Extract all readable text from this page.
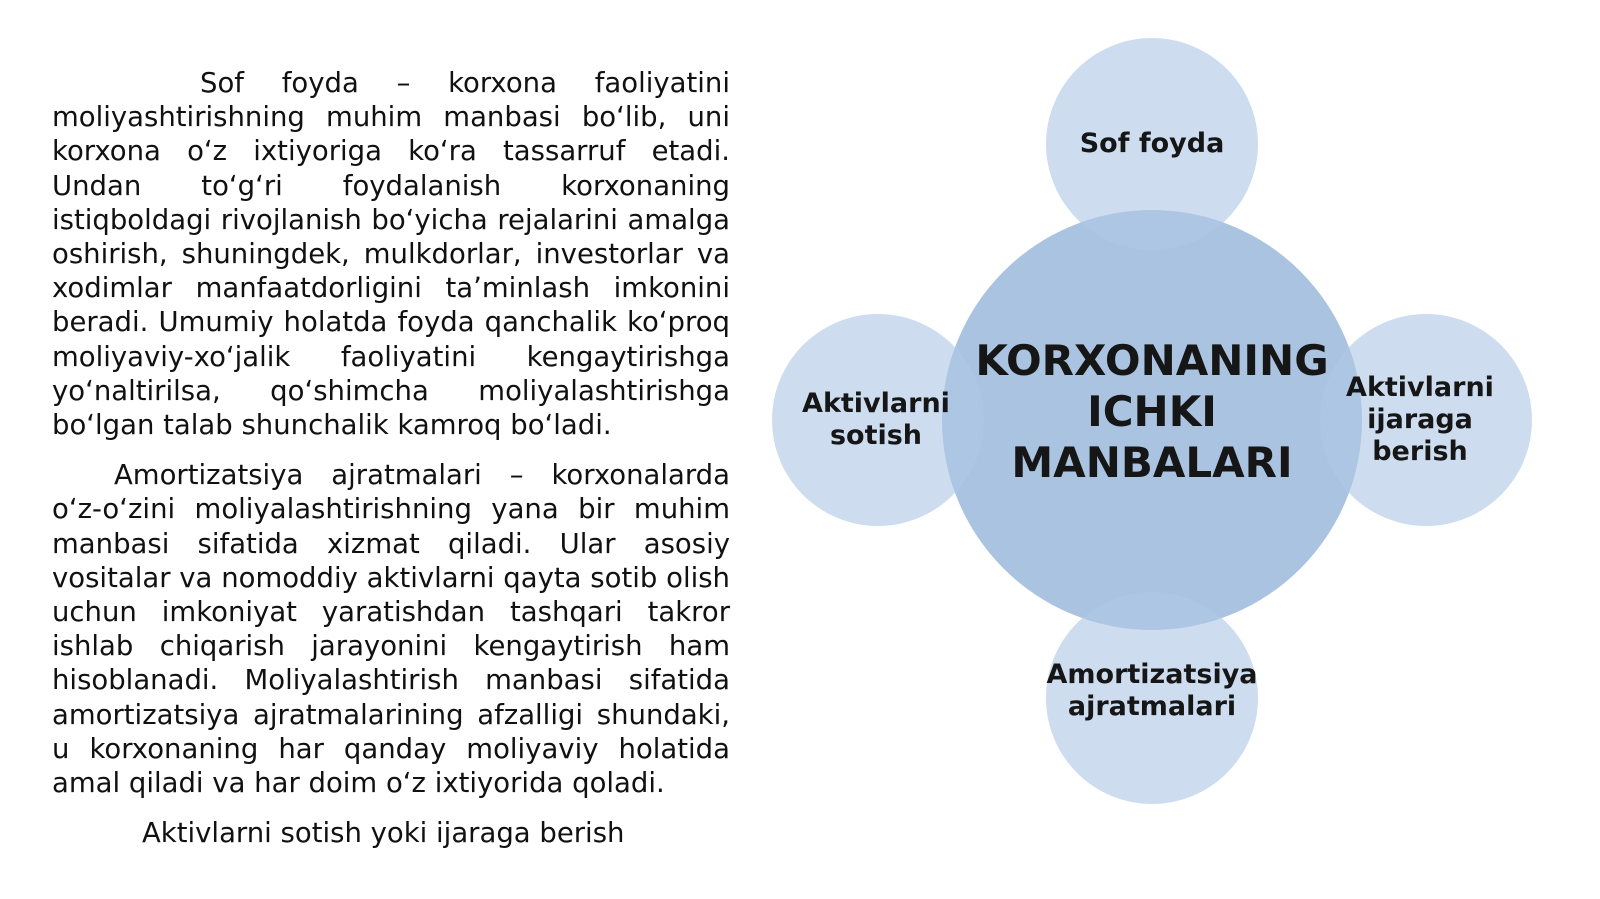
Sof foyda – korxona faoliyatini moliyashtirishning muhim manbasi boʻlib, uni korxona oʻz ixtiyoriga koʻra tassarruf etadi. Undan toʻgʻri foydalanish korxonaning istiqboldagi rivojlanish boʻyicha rejalarini amalga oshirish, shuningdek, mulkdorlar, investorlar va xodimlar manfaatdorligini taʼminlash imkonini beradi. Umumiy holatda foyda qanchalik koʻproq moliyaviy-xoʻjalik faoliyatini kengaytirishga yoʻnaltirilsa, qoʻshimcha moliyalashtirishga boʻlgan talab shunchalik kamroq boʻladi.

Amortizatsiya ajratmalari – korxonalarda oʻz-oʻzini moliyalashtirishning yana bir muhim manbasi sifatida xizmat qiladi. Ular asosiy vositalar va nomoddiy aktivlarni qayta sotib olish uchun imkoniyat yaratishdan tashqari takror ishlab chiqarish jarayonini kengaytirish ham hisoblanadi. Moliyalashtirish manbasi sifatida amortizatsiya ajratmalarining afzalligi shundaki, u korxonaning har qanday moliyaviy holatida amal qiladi va har doim oʻz ixtiyorida qoladi.

Aktivlarni sotish yoki ijaraga berish

KORXONANING ICHKI MANBALARI
Sof foyda
Aktivlarni sotish
Aktivlarni ijaraga berish
Amortizatsiya ajratmalari
